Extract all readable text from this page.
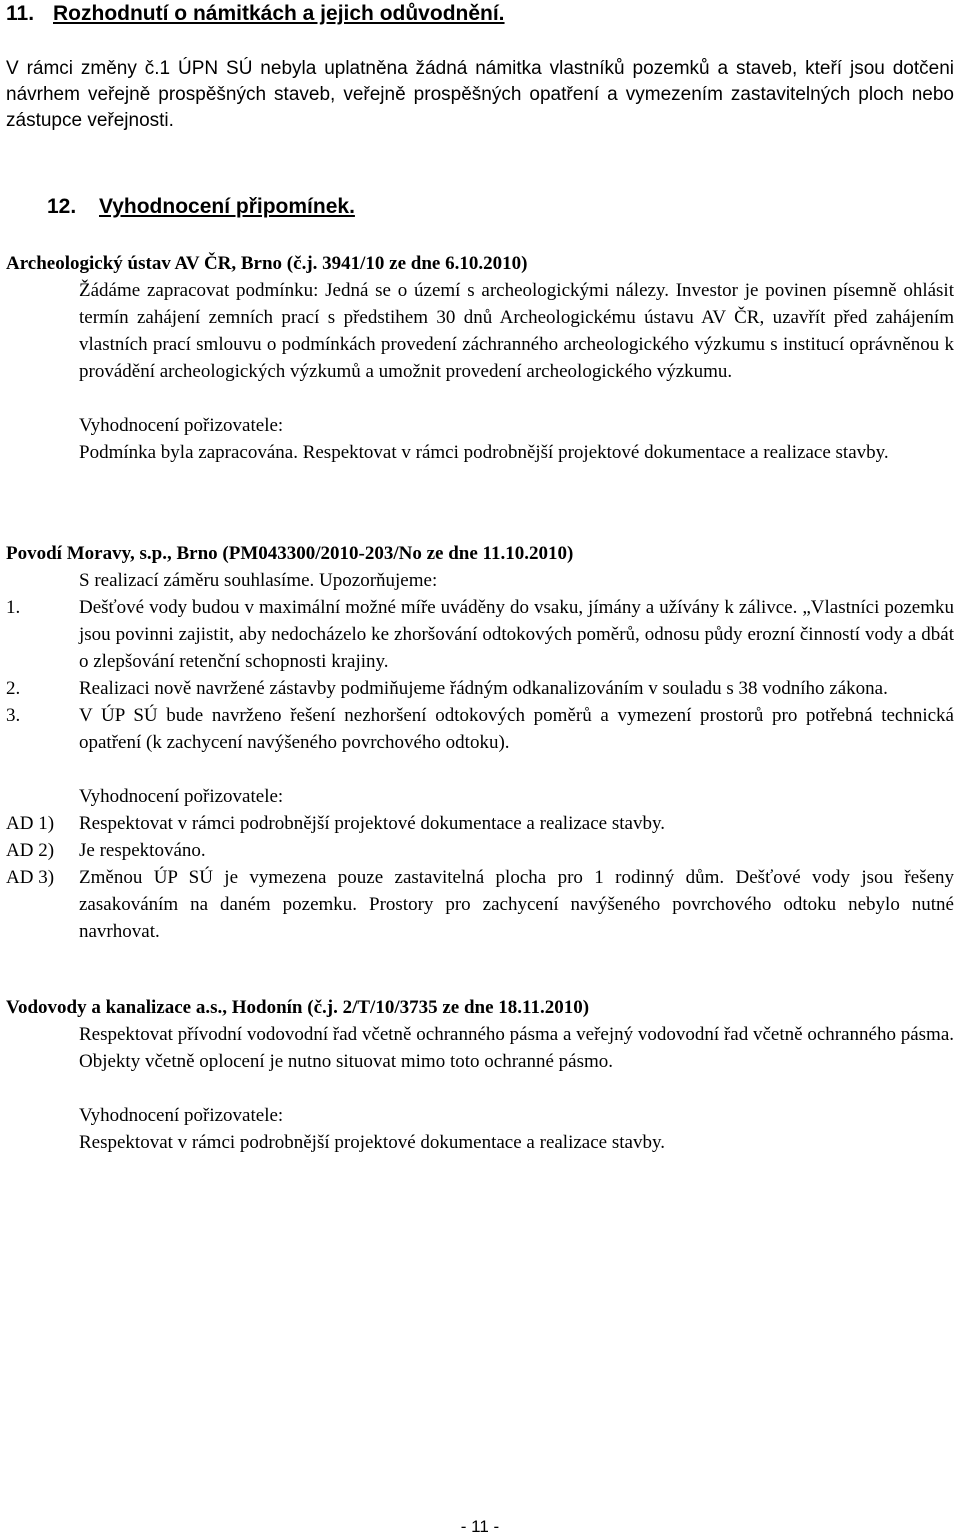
11. Rozhodnutí o námitkách a jejich odůvodnění.

V rámci změny č.1 ÚPN SÚ nebyla uplatněna žádná námitka vlastníků pozemků a staveb, kteří jsou dotčeni návrhem veřejně prospěšných staveb, veřejně prospěšných opatření a vymezením zastavitelných ploch nebo zástupce veřejnosti.

12. Vyhodnocení připomínek.

Archeologický ústav AV ČR, Brno (č.j. 3941/10 ze dne 6.10.2010)

Žádáme zapracovat podmínku: Jedná se o území s archeologickými nálezy. Investor je povinen písemně ohlásit termín zahájení zemních prací s předstihem 30 dnů Archeologickému ústavu AV ČR, uzavřít před zahájením vlastních prací smlouvu o podmínkách provedení záchranného archeologického výzkumu s institucí oprávněnou k provádění archeologických výzkumů a umožnit provedení archeologického výzkumu.

Vyhodnocení pořizovatele:

Podmínka byla zapracována. Respektovat v rámci podrobnější projektové dokumentace a realizace stavby.

Povodí Moravy, s.p., Brno (PM043300/2010-203/No ze dne 11.10.2010)

S realizací záměru souhlasíme. Upozorňujeme:

1.	Dešťové vody budou v maximální možné míře uváděny do vsaku, jímány a užívány k zálivce. „Vlastníci pozemku jsou povinni zajistit, aby nedocházelo ke zhoršování odtokových poměrů, odnosu půdy erozní činností vody a dbát o zlepšování retenční schopnosti krajiny.
2.	Realizaci nově navržené zástavby podmiňujeme řádným odkanalizováním v souladu s 38 vodního zákona.
3.	V ÚP SÚ bude navrženo řešení nezhoršení odtokových poměrů a vymezení prostorů pro potřebná technická opatření (k zachycení navýšeného povrchového odtoku).

Vyhodnocení pořizovatele:

AD 1)	Respektovat v rámci podrobnější projektové dokumentace a realizace stavby.
AD 2)	Je respektováno.
AD 3)	Změnou ÚP SÚ je vymezena pouze zastavitelná plocha pro 1 rodinný dům. Dešťové vody jsou řešeny zasakováním na daném pozemku. Prostory pro zachycení navýšeného povrchového odtoku nebylo nutné navrhovat.

Vodovody a kanalizace a.s., Hodonín (č.j. 2/T/10/3735 ze dne 18.11.2010)

Respektovat přívodní vodovodní řad včetně ochranného pásma a veřejný vodovodní řad včetně ochranného pásma. Objekty včetně oplocení je nutno situovat mimo toto ochranné pásmo.

Vyhodnocení pořizovatele:

Respektovat v rámci podrobnější projektové dokumentace a realizace stavby.

- 11 -
